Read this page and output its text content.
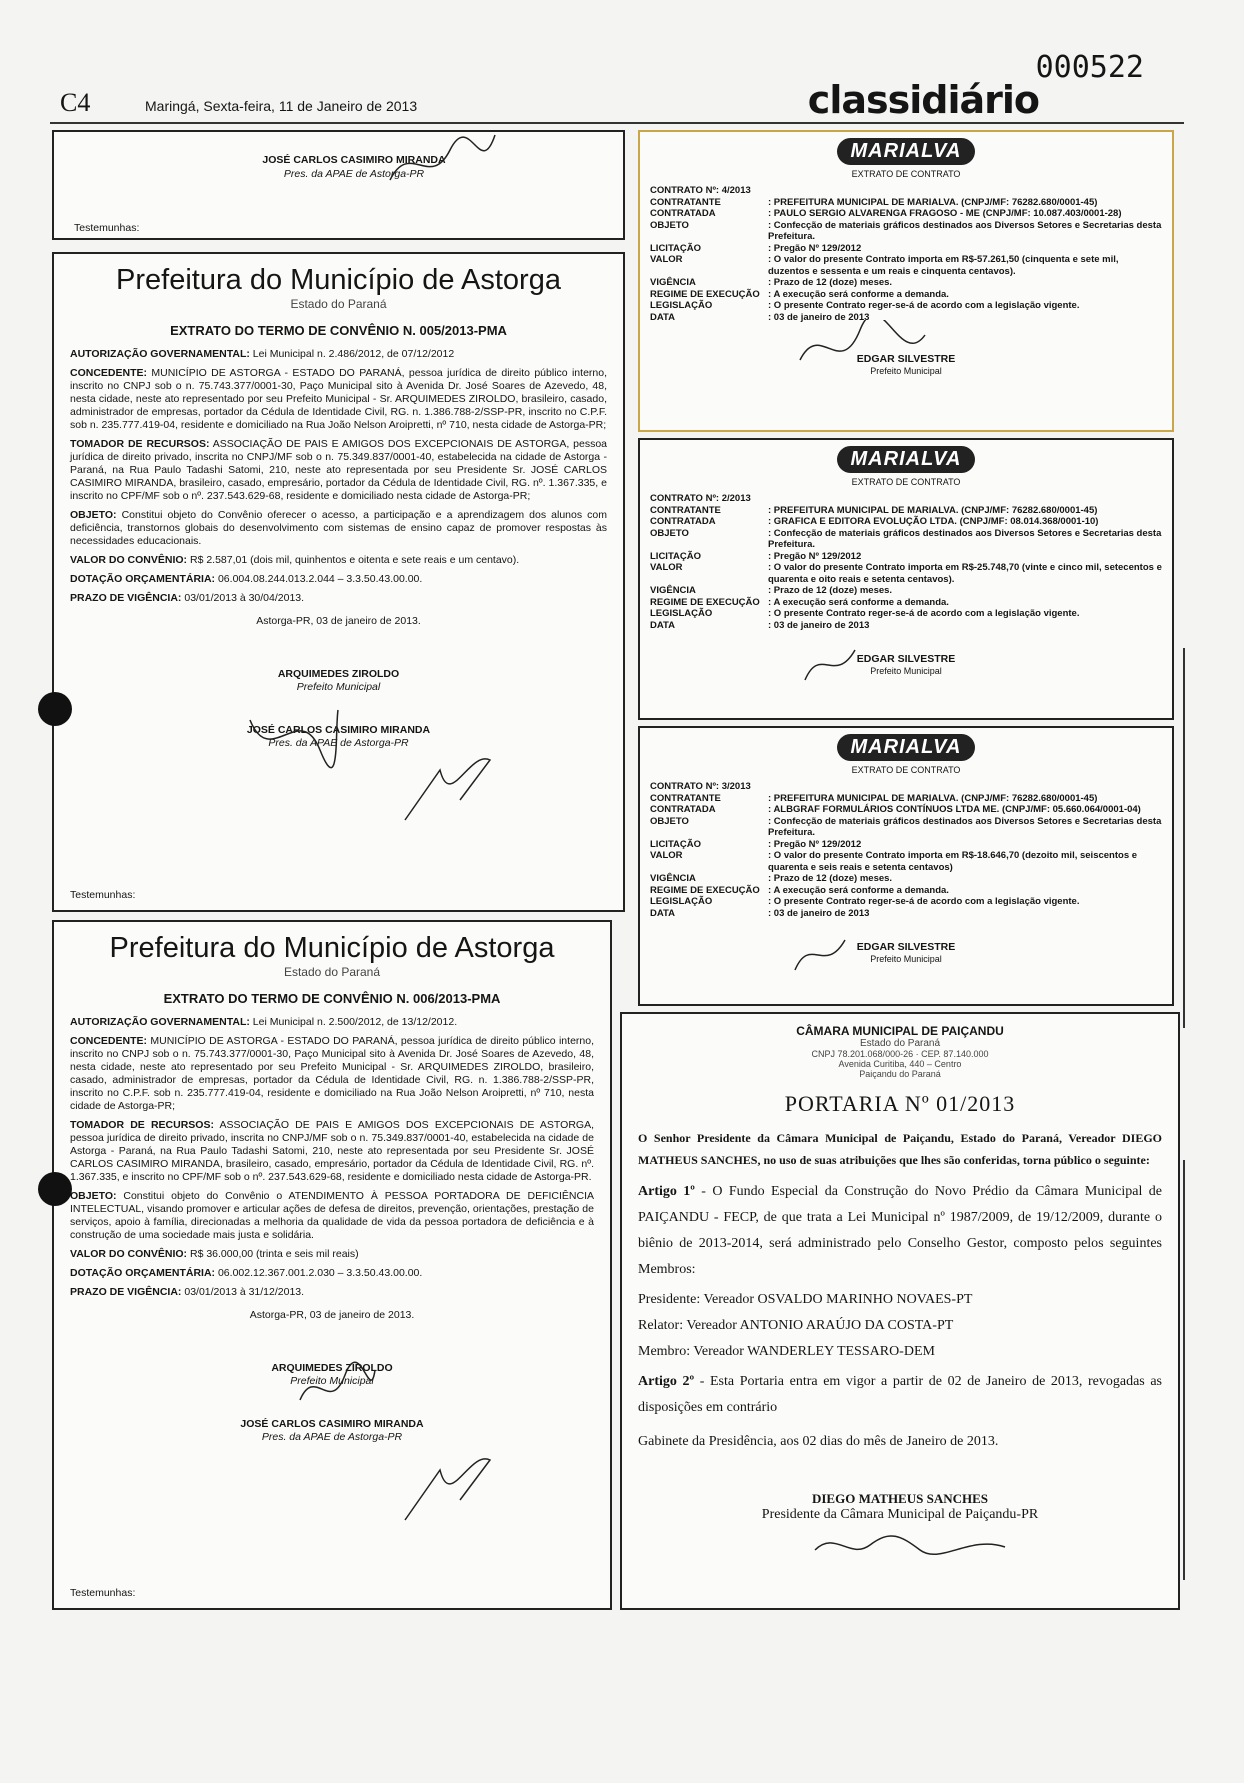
000522
C4	Maringá, Sexta-feira, 11 de Janeiro de 2013	classidiário
JOSÉ CARLOS CASIMIRO MIRANDA
Pres. da APAE de Astorga-PR
Testemunhas:
Prefeitura do Município de Astorga
Estado do Paraná
EXTRATO DO TERMO DE CONVÊNIO N. 005/2013-PMA

AUTORIZAÇÃO GOVERNAMENTAL: Lei Municipal n. 2.486/2012, de 07/12/2012

CONCEDENTE: MUNICÍPIO DE ASTORGA - ESTADO DO PARANÁ, pessoa jurídica de direito público interno, inscrito no CNPJ sob o n. 75.743.377/0001-30, Paço Municipal sito à Avenida Dr. José Soares de Azevedo, 48, nesta cidade, neste ato representado por seu Prefeito Municipal - Sr. ARQUIMEDES ZIROLDO, brasileiro, casado, administrador de empresas, portador da Cédula de Identidade Civil, RG. n. 1.386.788-2/SSP-PR, inscrito no C.P.F. sob n. 235.777.419-04, residente e domiciliado na Rua João Nelson Aroipretti, nº 710, nesta cidade de Astorga-PR;

TOMADOR DE RECURSOS: ASSOCIAÇÃO DE PAIS E AMIGOS DOS EXCEPCIONAIS DE ASTORGA, pessoa jurídica de direito privado, inscrita no CNPJ/MF sob o n. 75.349.837/0001-40, estabelecida na cidade de Astorga - Paraná, na Rua Paulo Tadashi Satomi, 210, neste ato representada por seu Presidente Sr. JOSÉ CARLOS CASIMIRO MIRANDA, brasileiro, casado, empresário, portador da Cédula de Identidade Civil, RG. nº. 1.367.335, e inscrito no CPF/MF sob o nº. 237.543.629-68, residente e domiciliado nesta cidade de Astorga-PR;

OBJETO: Constitui objeto do Convênio oferecer o acesso, a participação e a aprendizagem dos alunos com deficiência, transtornos globais do desenvolvimento com sistemas de ensino capaz de promover respostas às necessidades educacionais.

VALOR DO CONVÊNIO: R$ 2.587,01 (dois mil, quinhentos e oitenta e sete reais e um centavo).

DOTAÇÃO ORÇAMENTÁRIA: 06.004.08.244.013.2.044 – 3.3.50.43.00.00.

PRAZO DE VIGÊNCIA: 03/01/2013 à 30/04/2013.

Astorga-PR, 03 de janeiro de 2013.
ARQUIMEDES ZIROLDO
Prefeito Municipal
JOSÉ CARLOS CASIMIRO MIRANDA
Pres. da APAE de Astorga-PR
Testemunhas:
Prefeitura do Município de Astorga
Estado do Paraná
EXTRATO DO TERMO DE CONVÊNIO N. 006/2013-PMA

AUTORIZAÇÃO GOVERNAMENTAL: Lei Municipal n. 2.500/2012, de 13/12/2012.

CONCEDENTE: MUNICÍPIO DE ASTORGA - ESTADO DO PARANÁ, pessoa jurídica de direito público interno, inscrito no CNPJ sob o n. 75.743.377/0001-30, Paço Municipal sito à Avenida Dr. José Soares de Azevedo, 48, nesta cidade, neste ato representado por seu Prefeito Municipal - Sr. ARQUIMEDES ZIROLDO, brasileiro, casado, administrador de empresas, portador da Cédula de Identidade Civil, RG. n. 1.386.788-2/SSP-PR, inscrito no C.P.F. sob n. 235.777.419-04, residente e domiciliado na Rua João Nelson Aroipretti, nº 710, nesta cidade de Astorga-PR;

TOMADOR DE RECURSOS: ASSOCIAÇÃO DE PAIS E AMIGOS DOS EXCEPCIONAIS DE ASTORGA, pessoa jurídica de direito privado, inscrita no CNPJ/MF sob o n. 75.349.837/0001-40, estabelecida na cidade de Astorga - Paraná, na Rua Paulo Tadashi Satomi, 210, neste ato representada por seu Presidente Sr. JOSÉ CARLOS CASIMIRO MIRANDA, brasileiro, casado, empresário, portador da Cédula de Identidade Civil, RG. nº. 1.367.335, e inscrito no CPF/MF sob o nº. 237.543.629-68, residente e domiciliado nesta cidade de Astorga-PR.

OBJETO: Constitui objeto do Convênio o ATENDIMENTO À PESSOA PORTADORA DE DEFICIÊNCIA INTELECTUAL, visando promover e articular ações de defesa de direitos, prevenção, orientações, prestação de serviços, apoio à família, direcionadas a melhoria da qualidade de vida da pessoa portadora de deficiência e à construção de uma sociedade mais justa e solidária.

VALOR DO CONVÊNIO: R$ 36.000,00 (trinta e seis mil reais)

DOTAÇÃO ORÇAMENTÁRIA: 06.002.12.367.001.2.030 – 3.3.50.43.00.00.

PRAZO DE VIGÊNCIA: 03/01/2013 à 31/12/2013.

Astorga-PR, 03 de janeiro de 2013.
ARQUIMEDES ZIROLDO
Prefeito Municipal
JOSÉ CARLOS CASIMIRO MIRANDA
Pres. da APAE de Astorga-PR
Testemunhas:
MARIALVA
EXTRATO DE CONTRATO
CONTRATO Nº: 4/2013
CONTRATANTE	: PREFEITURA MUNICIPAL DE MARIALVA. (CNPJ/MF: 76282.680/0001-45)
CONTRATADA	: PAULO SERGIO ALVARENGA FRAGOSO - ME (CNPJ/MF: 10.087.403/0001-28)
OBJETO	: Confecção de materiais gráficos destinados aos Diversos Setores e Secretarias desta Prefeitura.
LICITAÇÃO	: Pregão Nº 129/2012
VALOR	: O valor do presente Contrato importa em R$-57.261,50 (cinquenta e sete mil, duzentos e sessenta e um reais e cinquenta centavos).
VIGÊNCIA	: Prazo de 12 (doze) meses.
REGIME DE EXECUÇÃO : A execução será conforme a demanda.
LEGISLAÇÃO	: O presente Contrato reger-se-á de acordo com a legislação vigente.
DATA	: 03 de janeiro de 2013
EDGAR SILVESTRE
Prefeito Municipal
MARIALVA
EXTRATO DE CONTRATO
CONTRATO Nº: 2/2013
CONTRATANTE	: PREFEITURA MUNICIPAL DE MARIALVA. (CNPJ/MF: 76282.680/0001-45)
CONTRATADA	: GRAFICA E EDITORA EVOLUÇÃO LTDA. (CNPJ/MF: 08.014.368/0001-10)
OBJETO	: Confecção de materiais gráficos destinados aos Diversos Setores e Secretarias desta Prefeitura.
LICITAÇÃO	: Pregão Nº 129/2012
VALOR	: O valor do presente Contrato importa em R$-25.748,70 (vinte e cinco mil, setecentos e quarenta e oito reais e setenta centavos).
VIGÊNCIA	: Prazo de 12 (doze) meses.
REGIME DE EXECUÇÃO : A execução será conforme a demanda.
LEGISLAÇÃO	: O presente Contrato reger-se-á de acordo com a legislação vigente.
DATA	: 03 de janeiro de 2013
EDGAR SILVESTRE
Prefeito Municipal
MARIALVA
EXTRATO DE CONTRATO
CONTRATO Nº: 3/2013
CONTRATANTE	: PREFEITURA MUNICIPAL DE MARIALVA. (CNPJ/MF: 76282.680/0001-45)
CONTRATADA	: ALBGRAF FORMULÁRIOS CONTÍNUOS LTDA ME. (CNPJ/MF: 05.660.064/0001-04)
OBJETO	: Confecção de materiais gráficos destinados aos Diversos Setores e Secretarias desta Prefeitura.
LICITAÇÃO	: Pregão Nº 129/2012
VALOR	: O valor do presente Contrato importa em R$-18.646,70 (dezoito mil, seiscentos e quarenta e seis reais e setenta centavos)
VIGÊNCIA	: Prazo de 12 (doze) meses.
REGIME DE EXECUÇÃO : A execução será conforme a demanda.
LEGISLAÇÃO	: O presente Contrato reger-se-á de acordo com a legislação vigente.
DATA	: 03 de janeiro de 2013
EDGAR SILVESTRE
Prefeito Municipal
CÂMARA MUNICIPAL DE PAIÇANDU
Estado do Paraná
CNPJ 78.201.068/000-26 · CEP. 87.140.000
Avenida Curitiba, 440 – Centro
Paiçandu do Paraná
PORTARIA Nº 01/2013
O Senhor Presidente da Câmara Municipal de Paiçandu, Estado do Paraná, Vereador DIEGO MATHEUS SANCHES, no uso de suas atribuições que lhes são conferidas, torna público o seguinte:
Artigo 1º - O Fundo Especial da Construção do Novo Prédio da Câmara Municipal de PAIÇANDU - FECP, de que trata a Lei Municipal nº 1987/2009, de 19/12/2009, durante o biênio de 2013-2014, será administrado pelo Conselho Gestor, composto pelos seguintes Membros:
Presidente: Vereador OSVALDO MARINHO NOVAES-PT
Relator: Vereador ANTONIO ARAÚJO DA COSTA-PT
Membro: Vereador WANDERLEY TESSARO-DEM
Artigo 2º - Esta Portaria entra em vigor a partir de 02 de Janeiro de 2013, revogadas as disposições em contrário
Gabinete da Presidência, aos 02 dias do mês de Janeiro de 2013.
DIEGO MATHEUS SANCHES
Presidente da Câmara Municipal de Paiçandu-PR
